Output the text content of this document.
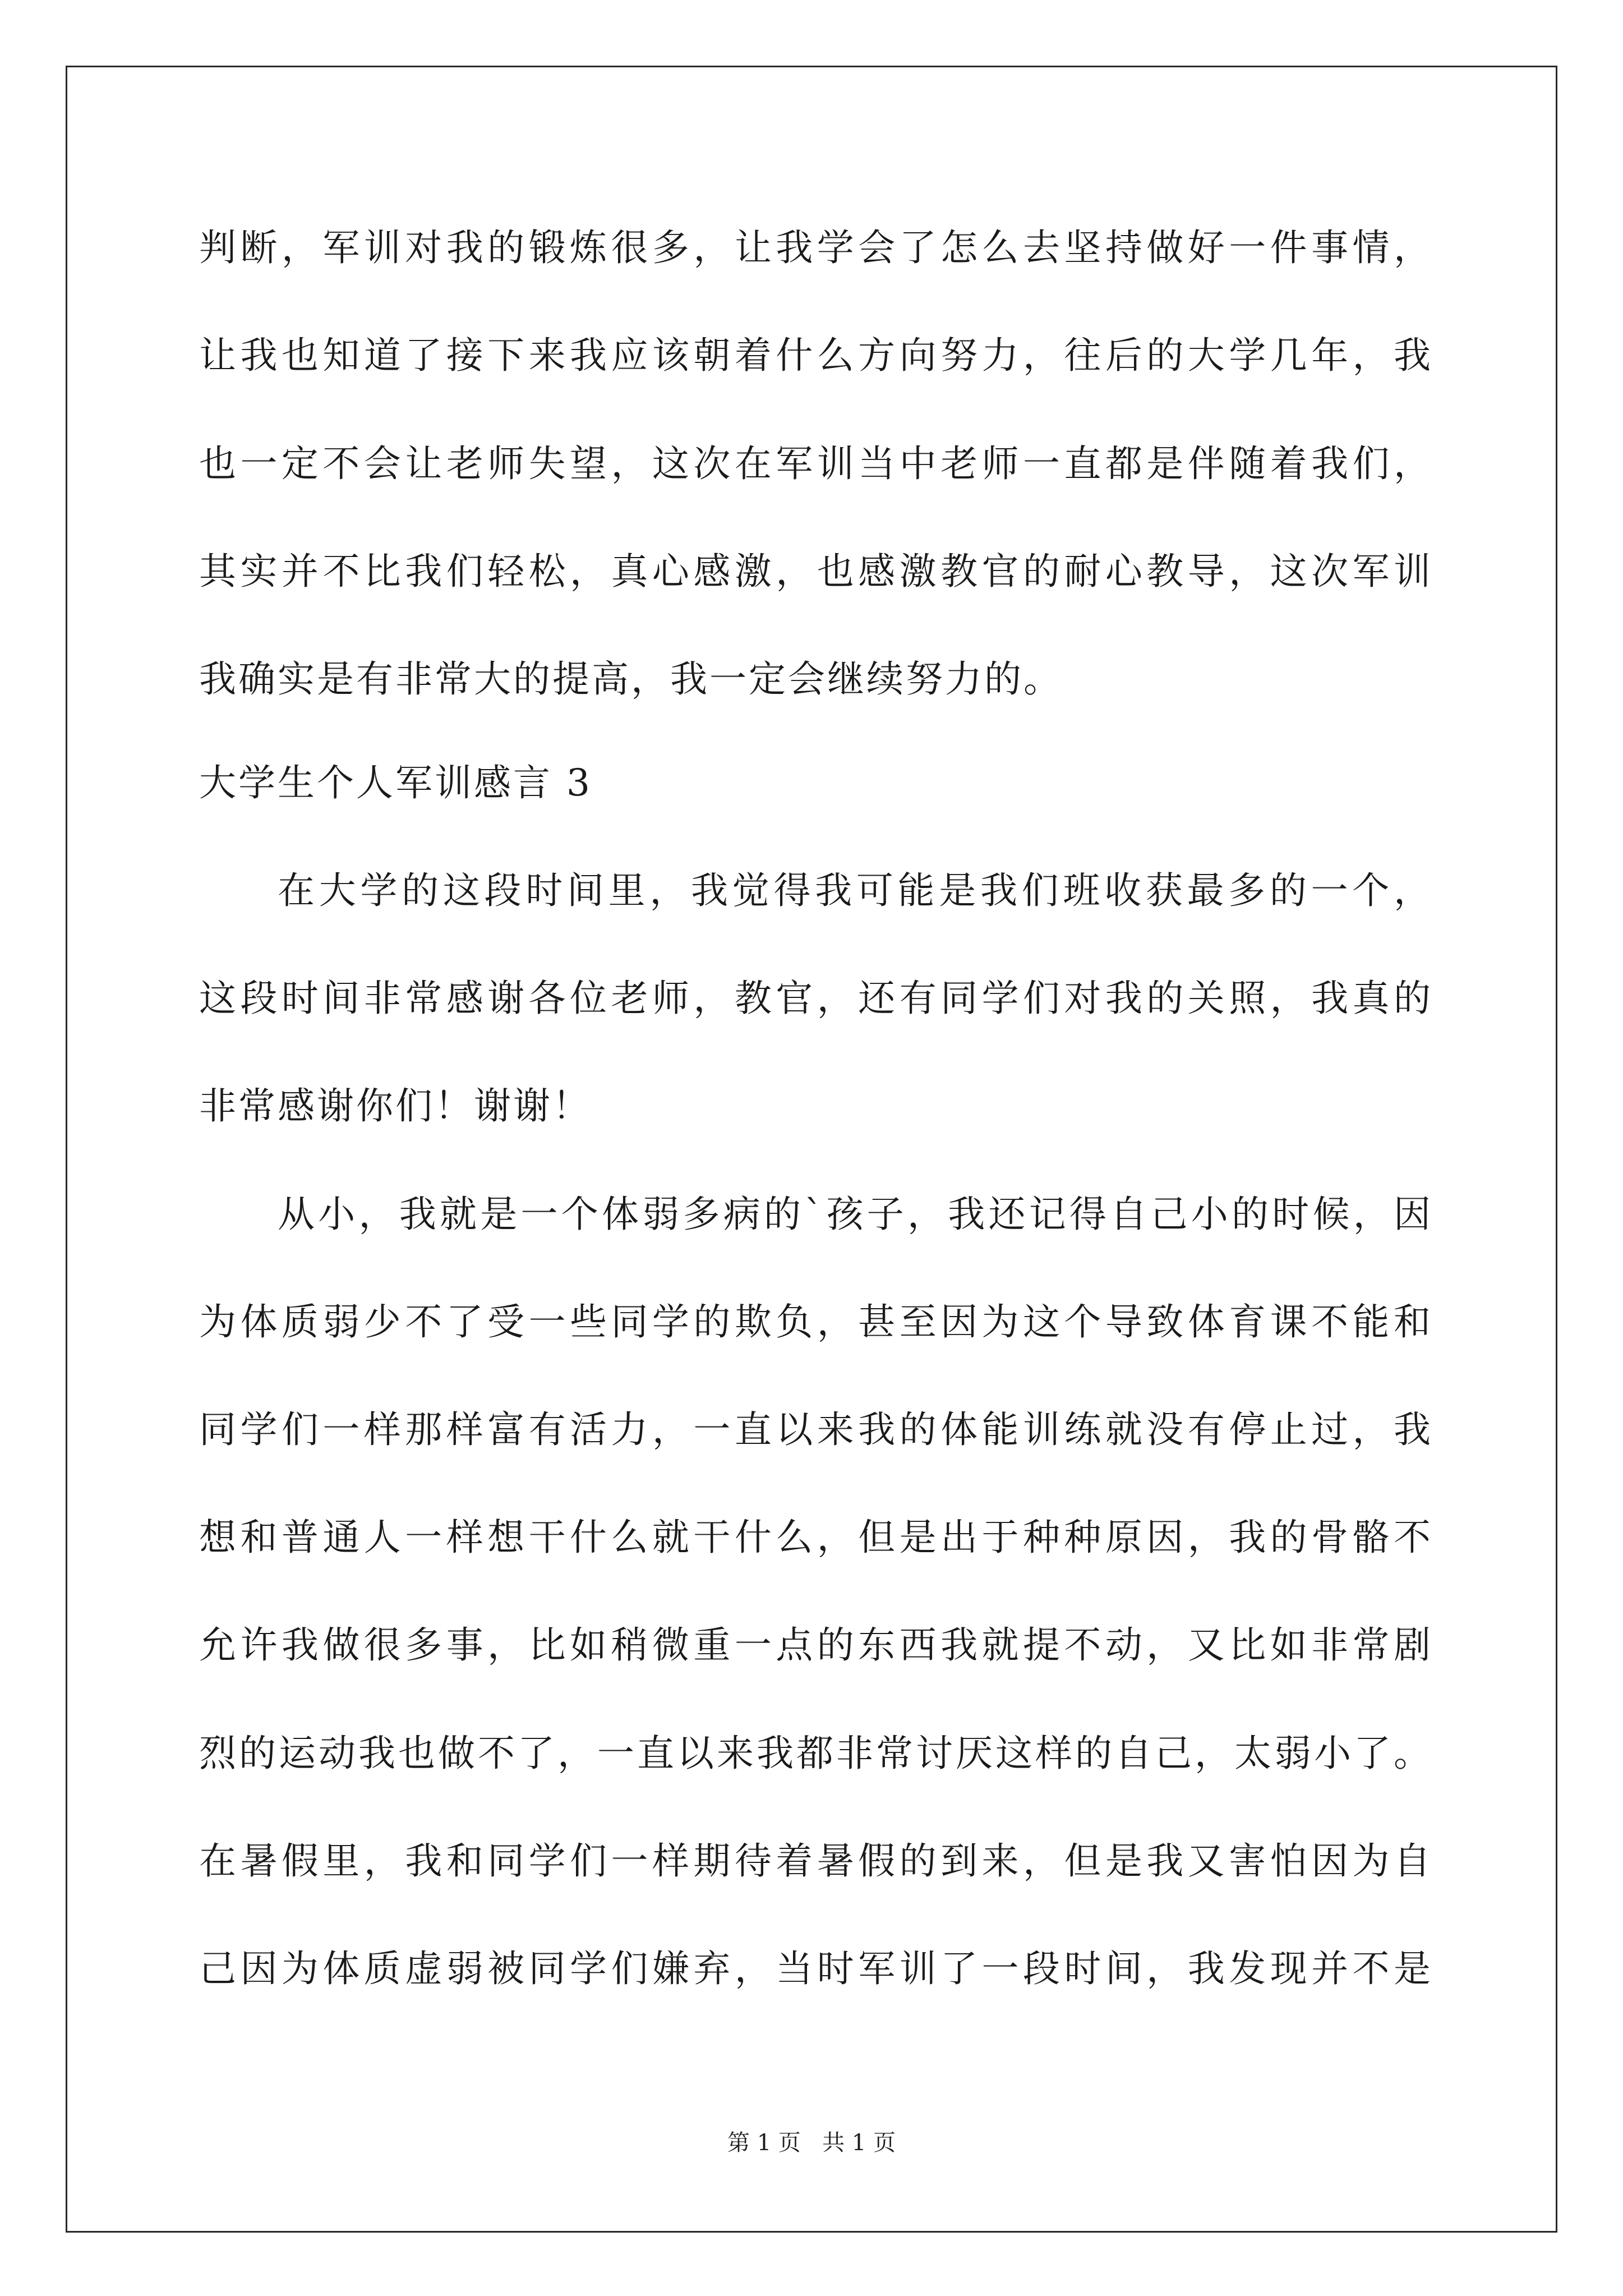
判断，军训对我的锻炼很多，让我学会了怎么去坚持做好一件事情，
让我也知道了接下来我应该朝着什么方向努力，往后的大学几年，我
也一定不会让老师失望，这次在军训当中老师一直都是伴随着我们，
其实并不比我们轻松，真心感激，也感激教官的耐心教导，这次军训
我确实是有非常大的提高，我一定会继续努力的。
大学生个人军训感言 3
在大学的这段时间里，我觉得我可能是我们班收获最多的一个，
这段时间非常感谢各位老师，教官，还有同学们对我的关照，我真的
非常感谢你们！谢谢！
从小，我就是一个体弱多病的`孩子，我还记得自己小的时候，因
为体质弱少不了受一些同学的欺负，甚至因为这个导致体育课不能和
同学们一样那样富有活力，一直以来我的体能训练就没有停止过，我
想和普通人一样想干什么就干什么，但是出于种种原因，我的骨骼不
允许我做很多事，比如稍微重一点的东西我就提不动，又比如非常剧
烈的运动我也做不了，一直以来我都非常讨厌这样的自己，太弱小了。
在暑假里，我和同学们一样期待着暑假的到来，但是我又害怕因为自
己因为体质虚弱被同学们嫌弃，当时军训了一段时间，我发现并不是
第 1 页   共 1 页
